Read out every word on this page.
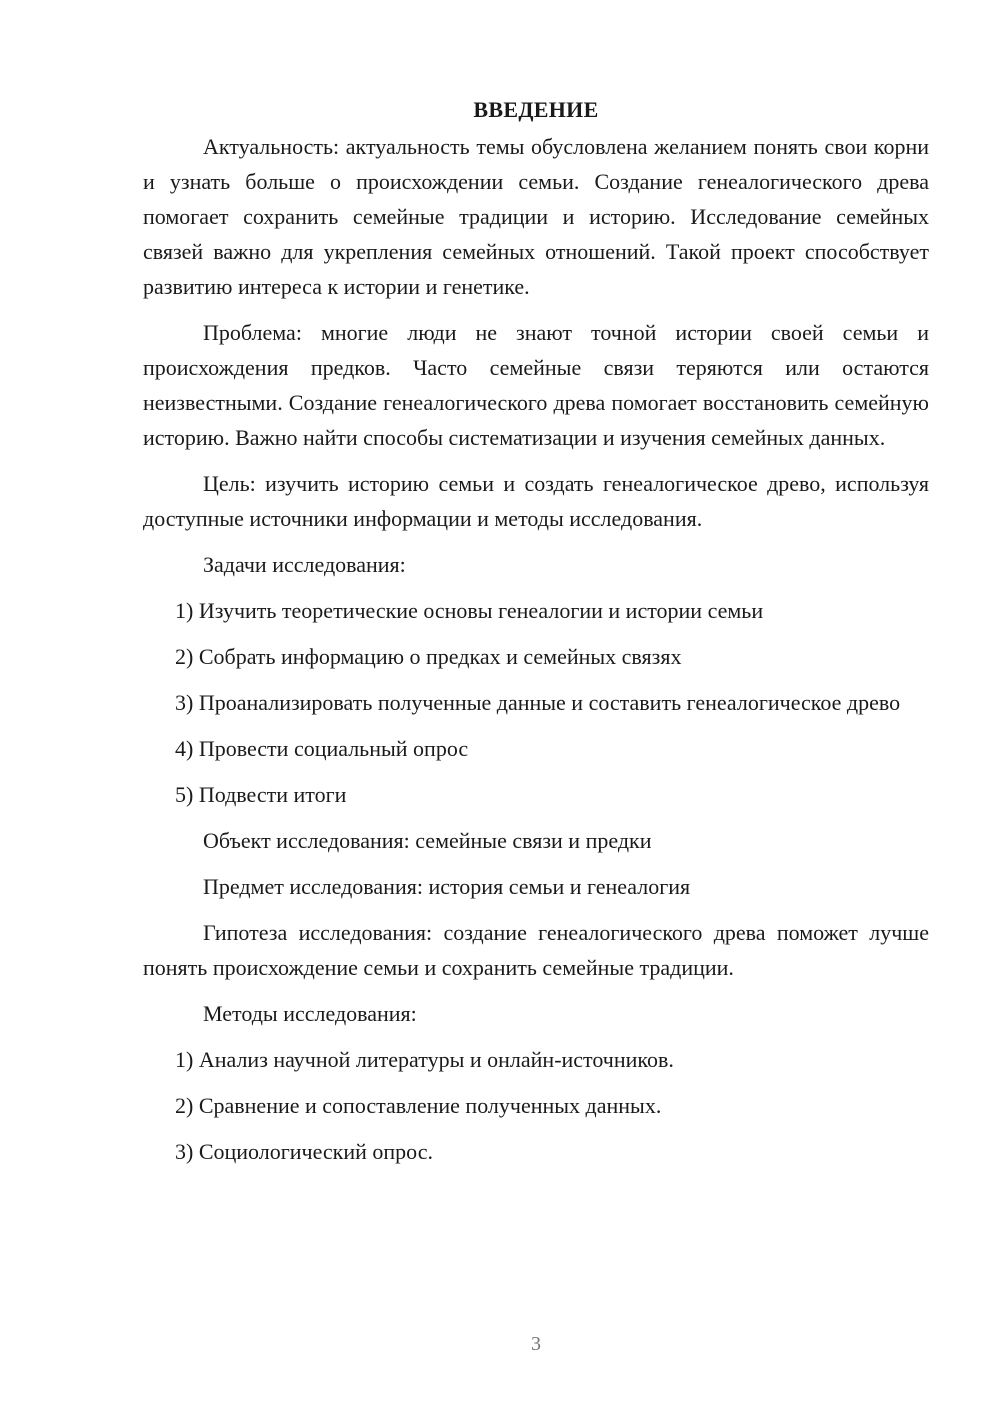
ВВЕДЕНИЕ

Актуальность: актуальность темы обусловлена желанием понять свои корни и узнать больше о происхождении семьи. Создание генеалогического древа помогает сохранить семейные традиции и историю. Исследование семейных связей важно для укрепления семейных отношений. Такой проект способствует развитию интереса к истории и генетике.

Проблема: многие люди не знают точной истории своей семьи и происхождения предков. Часто семейные связи теряются или остаются неизвестными. Создание генеалогического древа помогает восстановить семейную историю. Важно найти способы систематизации и изучения семейных данных.

Цель: изучить историю семьи и создать генеалогическое древо, используя доступные источники информации и методы исследования.

Задачи исследования:

1) Изучить теоретические основы генеалогии и истории семьи

2) Собрать информацию о предках и семейных связях

3) Проанализировать полученные данные и составить генеалогическое древо

4) Провести социальный опрос

5) Подвести итоги

Объект исследования: семейные связи и предки

Предмет исследования: история семьи и генеалогия

Гипотеза исследования: создание генеалогического древа поможет лучше понять происхождение семьи и сохранить семейные традиции.

Методы исследования:

1) Анализ научной литературы и онлайн-источников.

2) Сравнение и сопоставление полученных данных.

3) Социологический опрос.

3
